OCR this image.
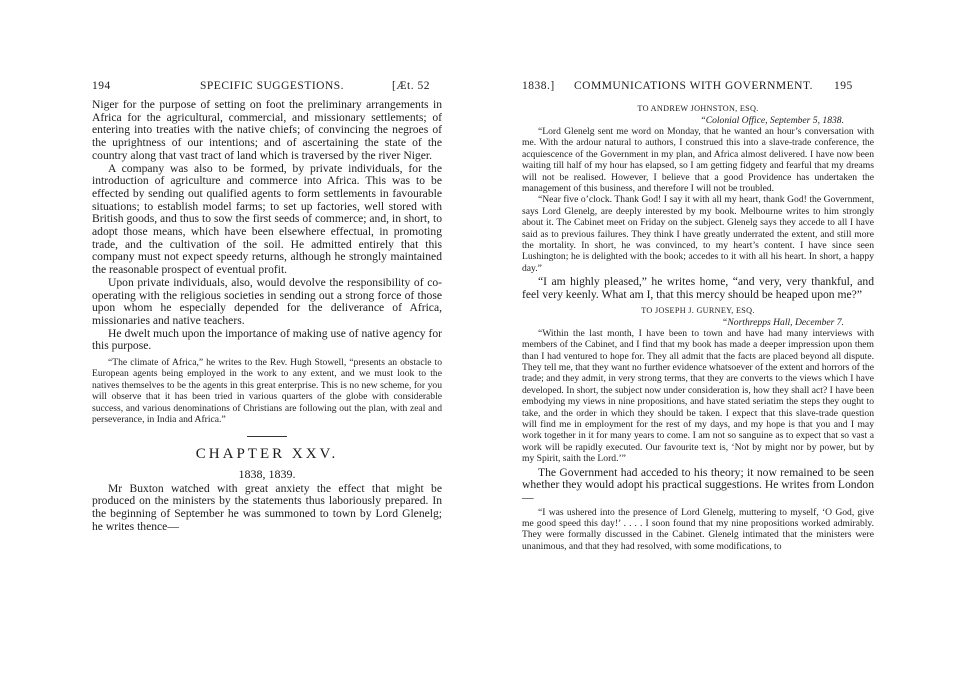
194	SPECIFIC SUGGESTIONS.	[Æt. 52

Niger for the purpose of setting on foot the preliminary arrangements in Africa for the agricultural, commercial, and missionary settlements; of entering into treaties with the native chiefs; of convincing the negroes of the uprightness of our intentions; and of ascertaining the state of the country along that vast tract of land which is traversed by the river Niger.

A company was also to be formed, by private individuals, for the introduction of agriculture and commerce into Africa. This was to be effected by sending out qualified agents to form settlements in favourable situations; to establish model farms; to set up factories, well stored with British goods, and thus to sow the first seeds of commerce; and, in short, to adopt those means, which have been elsewhere effectual, in promoting trade, and the cultivation of the soil. He admitted entirely that this company must not expect speedy returns, although he strongly maintained the reasonable prospect of eventual profit.

Upon private individuals, also, would devolve the responsibility of co-operating with the religious societies in sending out a strong force of those upon whom he especially depended for the deliverance of Africa, missionaries and native teachers.

He dwelt much upon the importance of making use of native agency for this purpose.

“The climate of Africa,” he writes to the Rev. Hugh Stowell, “presents an obstacle to European agents being employed in the work to any extent, and we must look to the natives themselves to be the agents in this great enterprise. This is no new scheme, for you will observe that it has been tried in various quarters of the globe with considerable success, and various denominations of Christians are following out the plan, with zeal and perseverance, in India and Africa.”

CHAPTER XXV.
1838, 1839.

Mr Buxton watched with great anxiety the effect that might be produced on the ministers by the statements thus laboriously prepared. In the beginning of September he was summoned to town by Lord Glenelg; he writes thence—

1838.] COMMUNICATIONS WITH GOVERNMENT. 195
TO ANDREW JOHNSTON, ESQ.
“Colonial Office, September 5, 1838.

“Lord Glenelg sent me word on Monday, that he wanted an hour’s conversation with me. With the ardour natural to authors, I construed this into a slave-trade conference, the acquiescence of the Government in my plan, and Africa almost delivered. I have now been waiting till half of my hour has elapsed, so I am getting fidgety and fearful that my dreams will not be realised. However, I believe that a good Providence has undertaken the management of this business, and therefore I will not be troubled.

“Near five o’clock. Thank God! I say it with all my heart, thank God! the Government, says Lord Glenelg, are deeply interested by my book. Melbourne writes to him strongly about it. The Cabinet meet on Friday on the subject. Glenelg says they accede to all I have said as to previous failures. They think I have greatly underrated the extent, and still more the mortality. In short, he was convinced, to my heart’s content. I have since seen Lushington; he is delighted with the book; accedes to it with all his heart. In short, a happy day.”

“I am highly pleased,” he writes home, “and very, very thankful, and feel very keenly. What am I, that this mercy should be heaped upon me?”

TO JOSEPH J. GURNEY, ESQ.
“Northrepps Hall, December 7.

“Within the last month, I have been to town and have had many interviews with members of the Cabinet, and I find that my book has made a deeper impression upon them than I had ventured to hope for. They all admit that the facts are placed beyond all dispute. They tell me, that they want no further evidence whatsoever of the extent and horrors of the trade; and they admit, in very strong terms, that they are converts to the views which I have developed. In short, the subject now under consideration is, how they shall act? I have been embodying my views in nine propositions, and have stated seriatim the steps they ought to take, and the order in which they should be taken. I expect that this slave-trade question will find me in employment for the rest of my days, and my hope is that you and I may work together in it for many years to come. I am not so sanguine as to expect that so vast a work will be rapidly executed. Our favourite text is, ‘Not by might nor by power, but by my Spirit, saith the Lord.’”

The Government had acceded to his theory; it now remained to be seen whether they would adopt his practical suggestions. He writes from London—

“I was ushered into the presence of Lord Glenelg, muttering to myself, ‘O God, give me good speed this day!’ . . . . I soon found that my nine propositions worked admirably. They were formally discussed in the Cabinet. Glenelg intimated that the ministers were unanimous, and that they had resolved, with some modifications, to
